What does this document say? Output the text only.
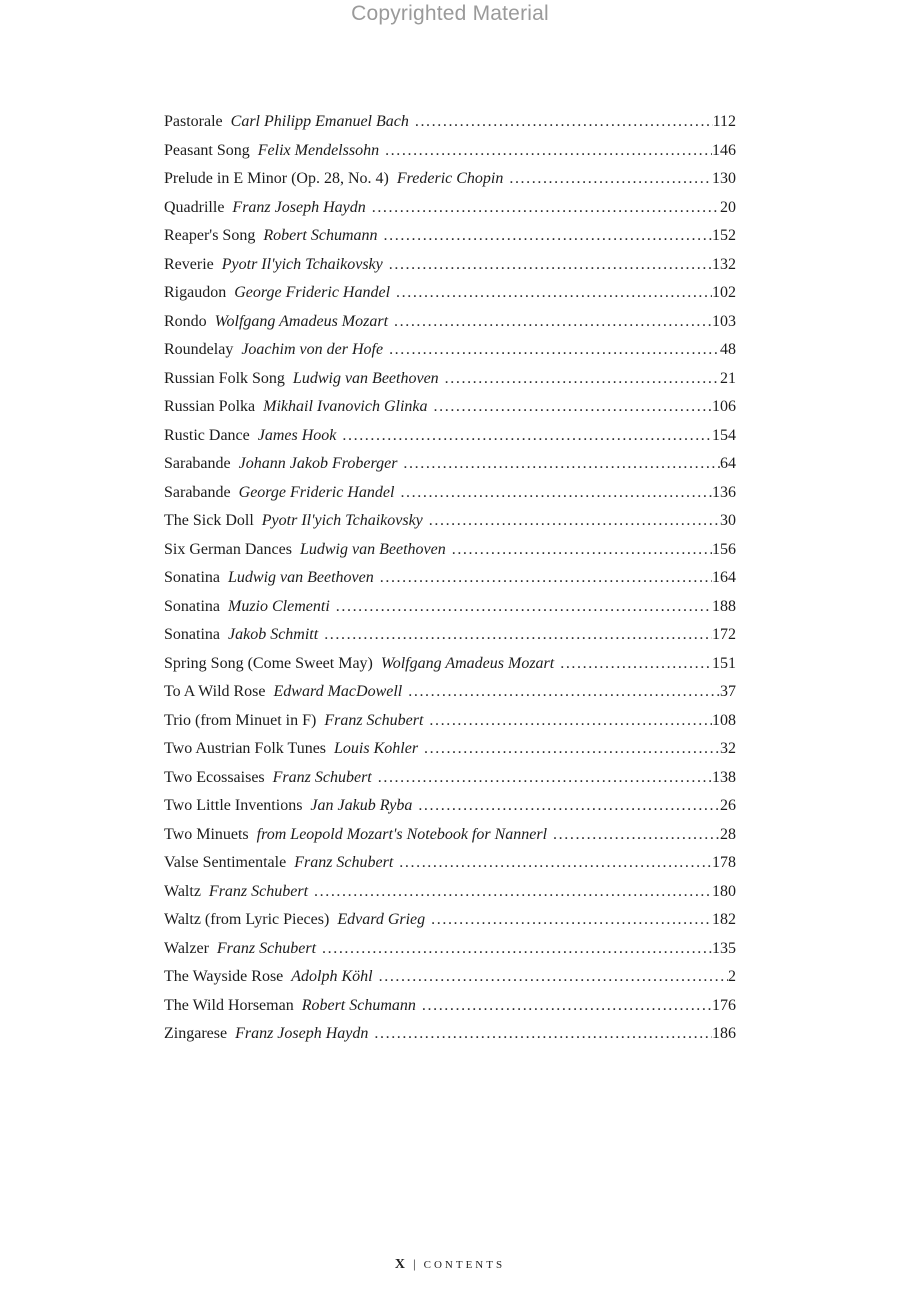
Copyrighted Material
Pastorale Carl Philipp Emanuel Bach . . .	112
Peasant Song Felix Mendelssohn . . .	146
Prelude in E Minor (Op. 28, No. 4) Frederic Chopin . . .	130
Quadrille Franz Joseph Haydn . . .	20
Reaper's Song Robert Schumann . . .	152
Reverie Pyotr Il'yich Tchaikovsky . . .	132
Rigaudon George Frideric Handel . . .	102
Rondo Wolfgang Amadeus Mozart . . .	103
Roundelay Joachim von der Hofe . . .	48
Russian Folk Song Ludwig van Beethoven . . .	21
Russian Polka Mikhail Ivanovich Glinka . . .	106
Rustic Dance James Hook . . .	154
Sarabande Johann Jakob Froberger . . .	64
Sarabande George Frideric Handel . . .	136
The Sick Doll Pyotr Il'yich Tchaikovsky . . .	30
Six German Dances Ludwig van Beethoven . . .	156
Sonatina Ludwig van Beethoven . . .	164
Sonatina Muzio Clementi . . .	188
Sonatina Jakob Schmitt . . .	172
Spring Song (Come Sweet May) Wolfgang Amadeus Mozart . . .	151
To A Wild Rose Edward MacDowell . . .	37
Trio (from Minuet in F) Franz Schubert . . .	108
Two Austrian Folk Tunes Louis Kohler . . .	32
Two Ecossaises Franz Schubert . . .	138
Two Little Inventions Jan Jakub Ryba . . .	26
Two Minuets from Leopold Mozart's Notebook for Nannerl . . .	28
Valse Sentimentale Franz Schubert . . .	178
Waltz Franz Schubert . . .	180
Waltz (from Lyric Pieces) Edvard Grieg . . .	182
Walzer Franz Schubert . . .	135
The Wayside Rose Adolph Köhl . . .	2
The Wild Horseman Robert Schumann . . .	176
Zingarese Franz Joseph Haydn . . .	186
X | CONTENTS
